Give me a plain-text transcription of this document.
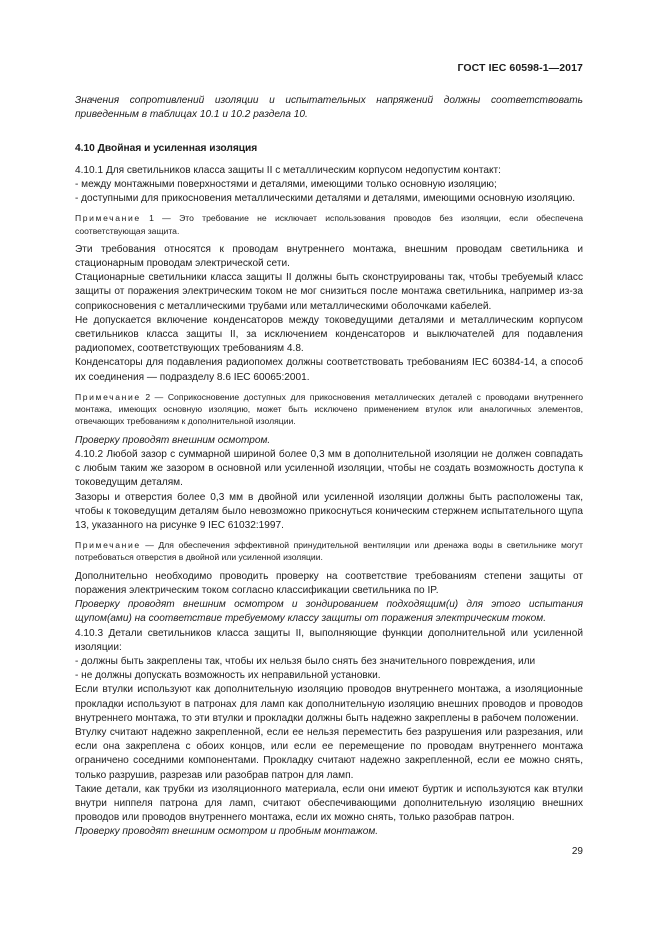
ГОСТ IEC 60598-1—2017

Значения сопротивлений изоляции и испытательных напряжений должны соответствовать приведенным в таблицах 10.1 и 10.2 раздела 10.

4.10 Двойная и усиленная изоляция

4.10.1 Для светильников класса защиты II с металлическим корпусом недопустим контакт:

- между монтажными поверхностями и деталями, имеющими только основную изоляцию;

- доступными для прикосновения металлическими деталями и деталями, имеющими основную изоляцию.

Примечание 1 — Это требование не исключает использования проводов без изоляции, если обеспечена соответствующая защита.

Эти требования относятся к проводам внутреннего монтажа, внешним проводам светильника и стационарным проводам электрической сети.

Стационарные светильники класса защиты II должны быть сконструированы так, чтобы требуемый класс защиты от поражения электрическим током не мог снизиться после монтажа светильника, например из-за соприкосновения с металлическими трубами или металлическими оболочками кабелей.

Не допускается включение конденсаторов между токоведущими деталями и металлическим корпусом светильников класса защиты II, за исключением конденсаторов и выключателей для подавления радиопомех, соответствующих требованиям 4.8.

Конденсаторы для подавления радиопомех должны соответствовать требованиям IEC 60384-14, а способ их соединения — подразделу 8.6 IEC 60065:2001.

Примечание 2 — Соприкосновение доступных для прикосновения металлических деталей с проводами внутреннего монтажа, имеющих основную изоляцию, может быть исключено применением втулок или аналогичных элементов, отвечающих требованиям к дополнительной изоляции.

Проверку проводят внешним осмотром.

4.10.2 Любой зазор с суммарной шириной более 0,3 мм в дополнительной изоляции не должен совпадать с любым таким же зазором в основной или усиленной изоляции, чтобы не создать возможность доступа к токоведущим деталям.

Зазоры и отверстия более 0,3 мм в двойной или усиленной изоляции должны быть расположены так, чтобы к токоведущим деталям было невозможно прикоснуться коническим стержнем испытательного щупа 13, указанного на рисунке 9 IEC 61032:1997.

Примечание — Для обеспечения эффективной принудительной вентиляции или дренажа воды в светильнике могут потребоваться отверстия в двойной или усиленной изоляции.

Дополнительно необходимо проводить проверку на соответствие требованиям степени защиты от поражения электрическим током согласно классификации светильника по IP.

Проверку проводят внешним осмотром и зондированием подходящим(и) для этого испытания щупом(ами) на соответствие требуемому классу защиты от поражения электрическим током.

4.10.3 Детали светильников класса защиты II, выполняющие функции дополнительной или усиленной изоляции:

- должны быть закреплены так, чтобы их нельзя было снять без значительного повреждения, или

- не должны допускать возможность их неправильной установки.

Если втулки используют как дополнительную изоляцию проводов внутреннего монтажа, а изоляционные прокладки используют в патронах для ламп как дополнительную изоляцию внешних проводов и проводов внутреннего монтажа, то эти втулки и прокладки должны быть надежно закреплены в рабочем положении.

Втулку считают надежно закрепленной, если ее нельзя переместить без разрушения или разрезания, или если она закреплена с обоих концов, или если ее перемещение по проводам внутреннего монтажа ограничено соседними компонентами. Прокладку считают надежно закрепленной, если ее можно снять, только разрушив, разрезав или разобрав патрон для ламп.

Такие детали, как трубки из изоляционного материала, если они имеют буртик и используются как втулки внутри ниппеля патрона для ламп, считают обеспечивающими дополнительную изоляцию внешних проводов или проводов внутреннего монтажа, если их можно снять, только разобрав патрон.

Проверку проводят внешним осмотром и пробным монтажом.

29
